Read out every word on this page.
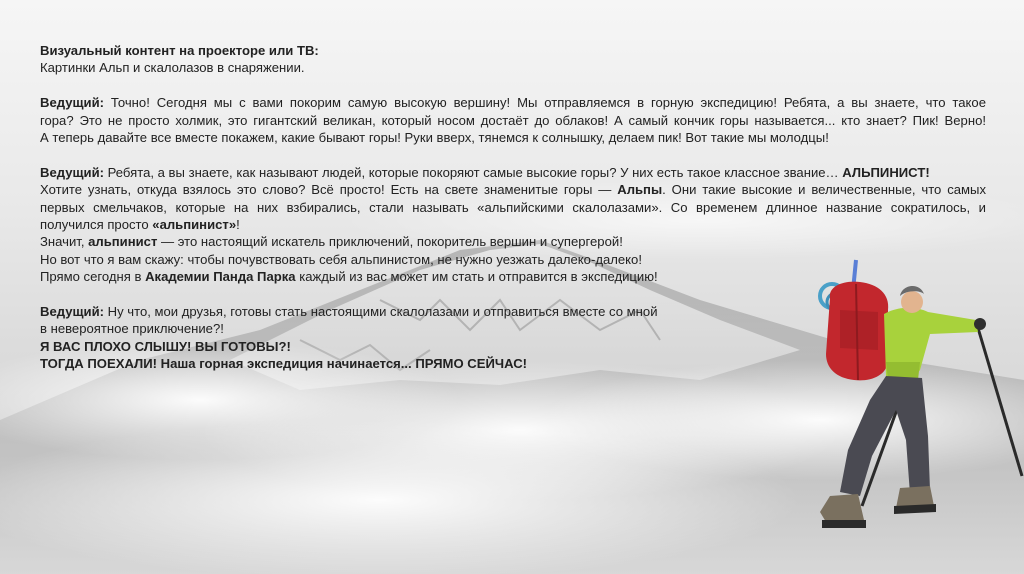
Визуальный контент на проекторе или ТВ:

Картинки Альп и скалолазов в снаряжении.

Ведущий: Точно! Сегодня мы с вами покорим самую высокую вершину! Мы отправляемся в горную экспедицию! Ребята, а вы знаете, что такое

гора? Это не просто холмик, это гигантский великан, который носом достаёт до облаков! А самый кончик горы называется... кто знает? Пик! Верно!

А теперь давайте все вместе покажем, какие бывают горы! Руки вверх, тянемся к солнышку, делаем пик! Вот такие мы молодцы!

Ведущий: Ребята, а вы знаете, как называют людей, которые покоряют самые высокие горы? У них есть такое классное звание… АЛЬПИНИСТ!

Хотите узнать, откуда взялось это слово? Всё просто! Есть на свете знаменитые горы — Альпы. Они такие высокие и величественные, что самых

первых смельчаков, которые на них взбирались, стали называть «альпийскими скалолазами». Со временем длинное название сократилось, и

получился просто «альпинист»!

Значит, альпинист — это настоящий искатель приключений, покоритель вершин и супергерой!

Но вот что я вам скажу: чтобы почувствовать себя альпинистом, не нужно уезжать далеко-далеко!

Прямо сегодня в Академии Панда Парка каждый из вас может им стать и отправится в экспедицию!

Ведущий: Ну что, мои друзья, готовы стать настоящими скалолазами и отправиться вместе со мной

в невероятное приключение?!

Я ВАС ПЛОХО СЛЫШУ! ВЫ ГОТОВЫ?!

ТОГДА ПОЕХАЛИ! Наша горная экспедиция начинается... ПРЯМО СЕЙЧАС!
